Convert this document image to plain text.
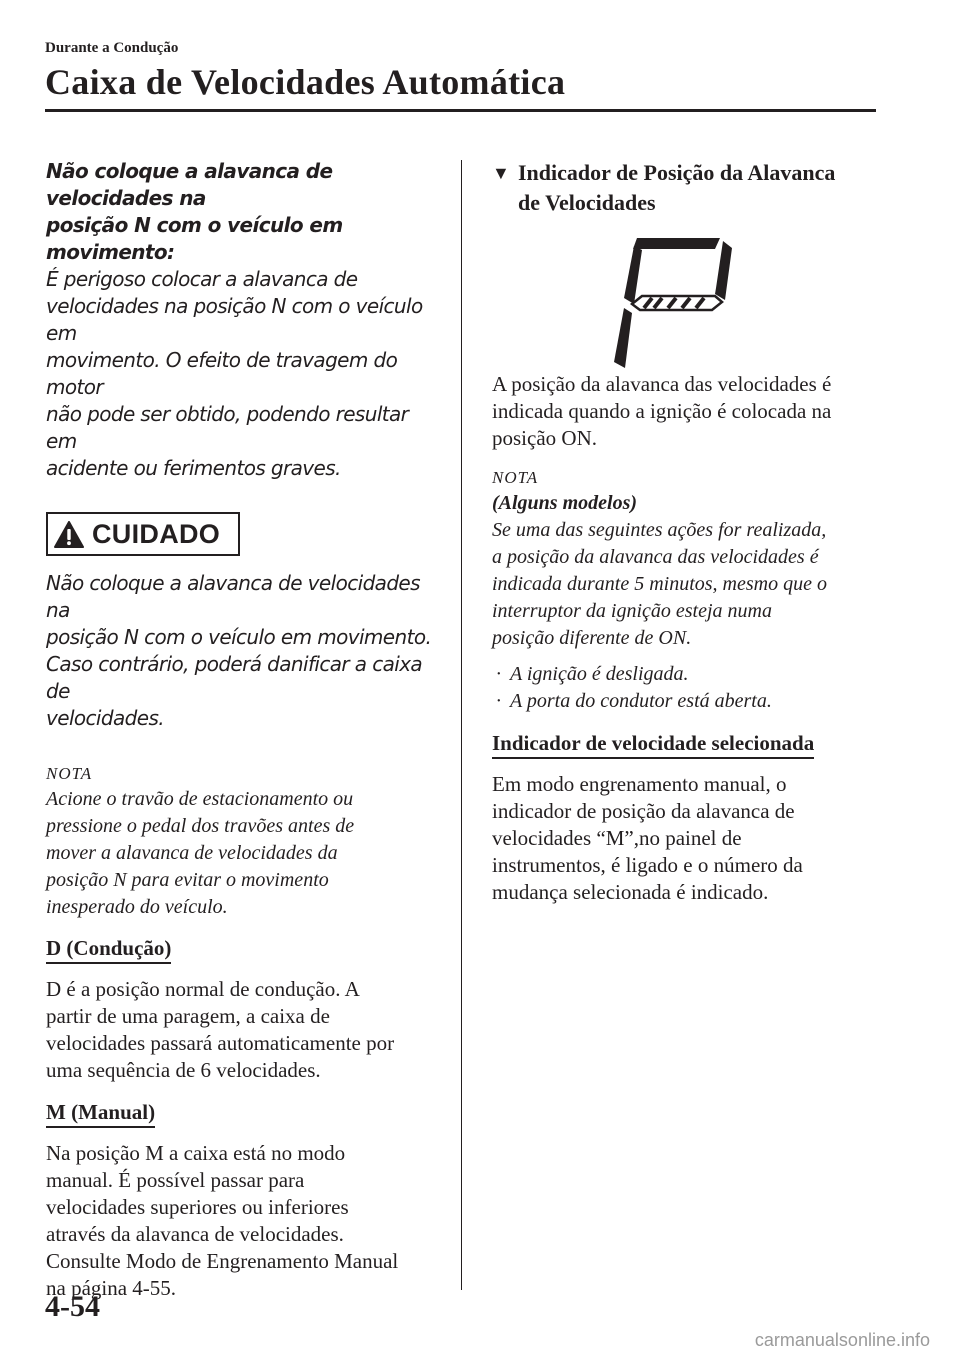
Durante a Condução
Caixa de Velocidades Automática

Não coloque a alavanca de velocidades na

posição N com o veículo em movimento:

É perigoso colocar a alavanca de

velocidades na posição N com o veículo em

movimento. O efeito de travagem do motor

não pode ser obtido, podendo resultar em

acidente ou ferimentos graves.

CUIDADO

Não coloque a alavanca de velocidades na

posição N com o veículo em movimento.

Caso contrário, poderá danificar a caixa de

velocidades.

NOTA

Acione o travão de estacionamento ou

pressione o pedal dos travões antes de

mover a alavanca de velocidades da

posição N para evitar o movimento

inesperado do veículo.

D (Condução)

D é a posição normal de condução. A

partir de uma paragem, a caixa de

velocidades passará automaticamente por

uma sequência de 6 velocidades.

M (Manual)

Na posição M a caixa está no modo

manual. É possível passar para

velocidades superiores ou inferiores

através da alavanca de velocidades.

Consulte Modo de Engrenamento Manual

na página 4-55.

▼ Indicador de Posição da Alavanca
de Velocidades

A posição da alavanca das velocidades é

indicada quando a ignição é colocada na

posição ON.

NOTA

(Alguns modelos)

Se uma das seguintes ações for realizada,

a posição da alavanca das velocidades é

indicada durante 5 minutos, mesmo que o

interruptor da ignição esteja numa

posição diferente de ON.

· A ignição é desligada.
· A porta do condutor está aberta.

Indicador de velocidade selecionada

Em modo engrenamento manual, o

indicador de posição da alavanca de

velocidades “M”,no painel de

instrumentos, é ligado e o número da

mudança selecionada é indicado.

4-54
carmanualsonline.info
